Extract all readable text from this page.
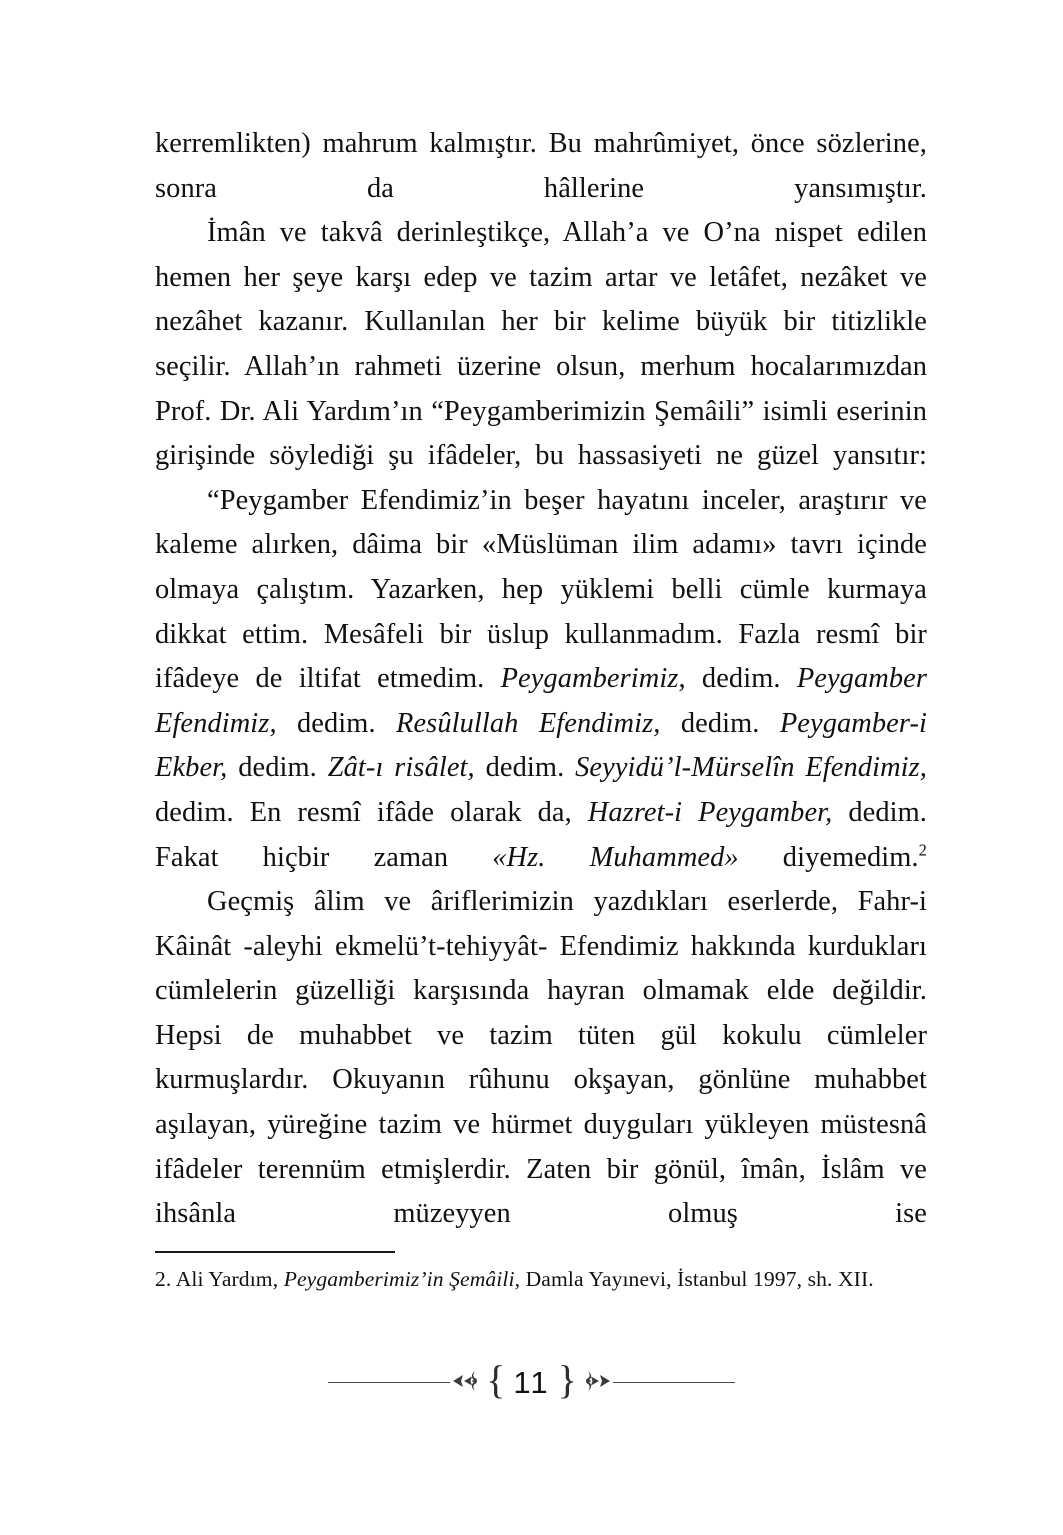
kerremlikten) mahrum kalmıştır. Bu mahrûmiyet, önce sözlerine, sonra da hâllerine yansımıştır.

İmân ve takvâ derinleştikçe, Allah’a ve O’na nispet edilen hemen her şeye karşı edep ve tazim artar ve letâfet, nezâket ve nezâhet kazanır. Kullanılan her bir kelime büyük bir titizlikle seçilir. Allah’ın rahmeti üzerine olsun, merhum hocalarımızdan Prof. Dr. Ali Yardım’ın “Peygamberimizin Şemâili” isimli eserinin girişinde söylediği şu ifâdeler, bu hassasiyeti ne güzel yansıtır:

“Peygamber Efendimiz’in beşer hayatını inceler, araştırır ve kaleme alırken, dâima bir «Müslüman ilim adamı» tavrı içinde olmaya çalıştım. Yazarken, hep yüklemi belli cümle kurmaya dikkat ettim. Mesâfeli bir üslup kullanmadım. Fazla resmî bir ifâdeye de iltifat etmedim. Peygamberimiz, dedim. Peygamber Efendimiz, dedim. Resûlullah Efendimiz, dedim. Peygamber-i Ekber, dedim. Zât-ı risâlet, dedim. Seyyidü’l-Mürselîn Efendimiz, dedim. En resmî ifâde olarak da, Hazret-i Peygamber, dedim. Fakat hiçbir zaman «Hz. Muhammed» diyemedim.$^2$

Geçmiş âlim ve âriflerimizin yazdıkları eserlerde, Fahr-i Kâinât -aleyhi ekmelü’t-tehiyyât- Efendimiz hakkında kurdukları cümlelerin güzelliği karşısında hayran olmamak elde değildir. Hepsi de muhabbet ve tazim tüten gül kokulu cümleler kurmuşlardır. Okuyanın rûhunu okşayan, gönlüne muhabbet aşılayan, yüreğine tazim ve hürmet duyguları yükleyen müstesnâ ifâdeler terennüm etmişlerdir. Zaten bir gönül, îmân, İslâm ve ihsânla müzeyyen olmuş ise

2. Ali Yardım, Peygamberimiz’in Şemâili, Damla Yayınevi, İstanbul 1997, sh. XII.

{ 11 }
